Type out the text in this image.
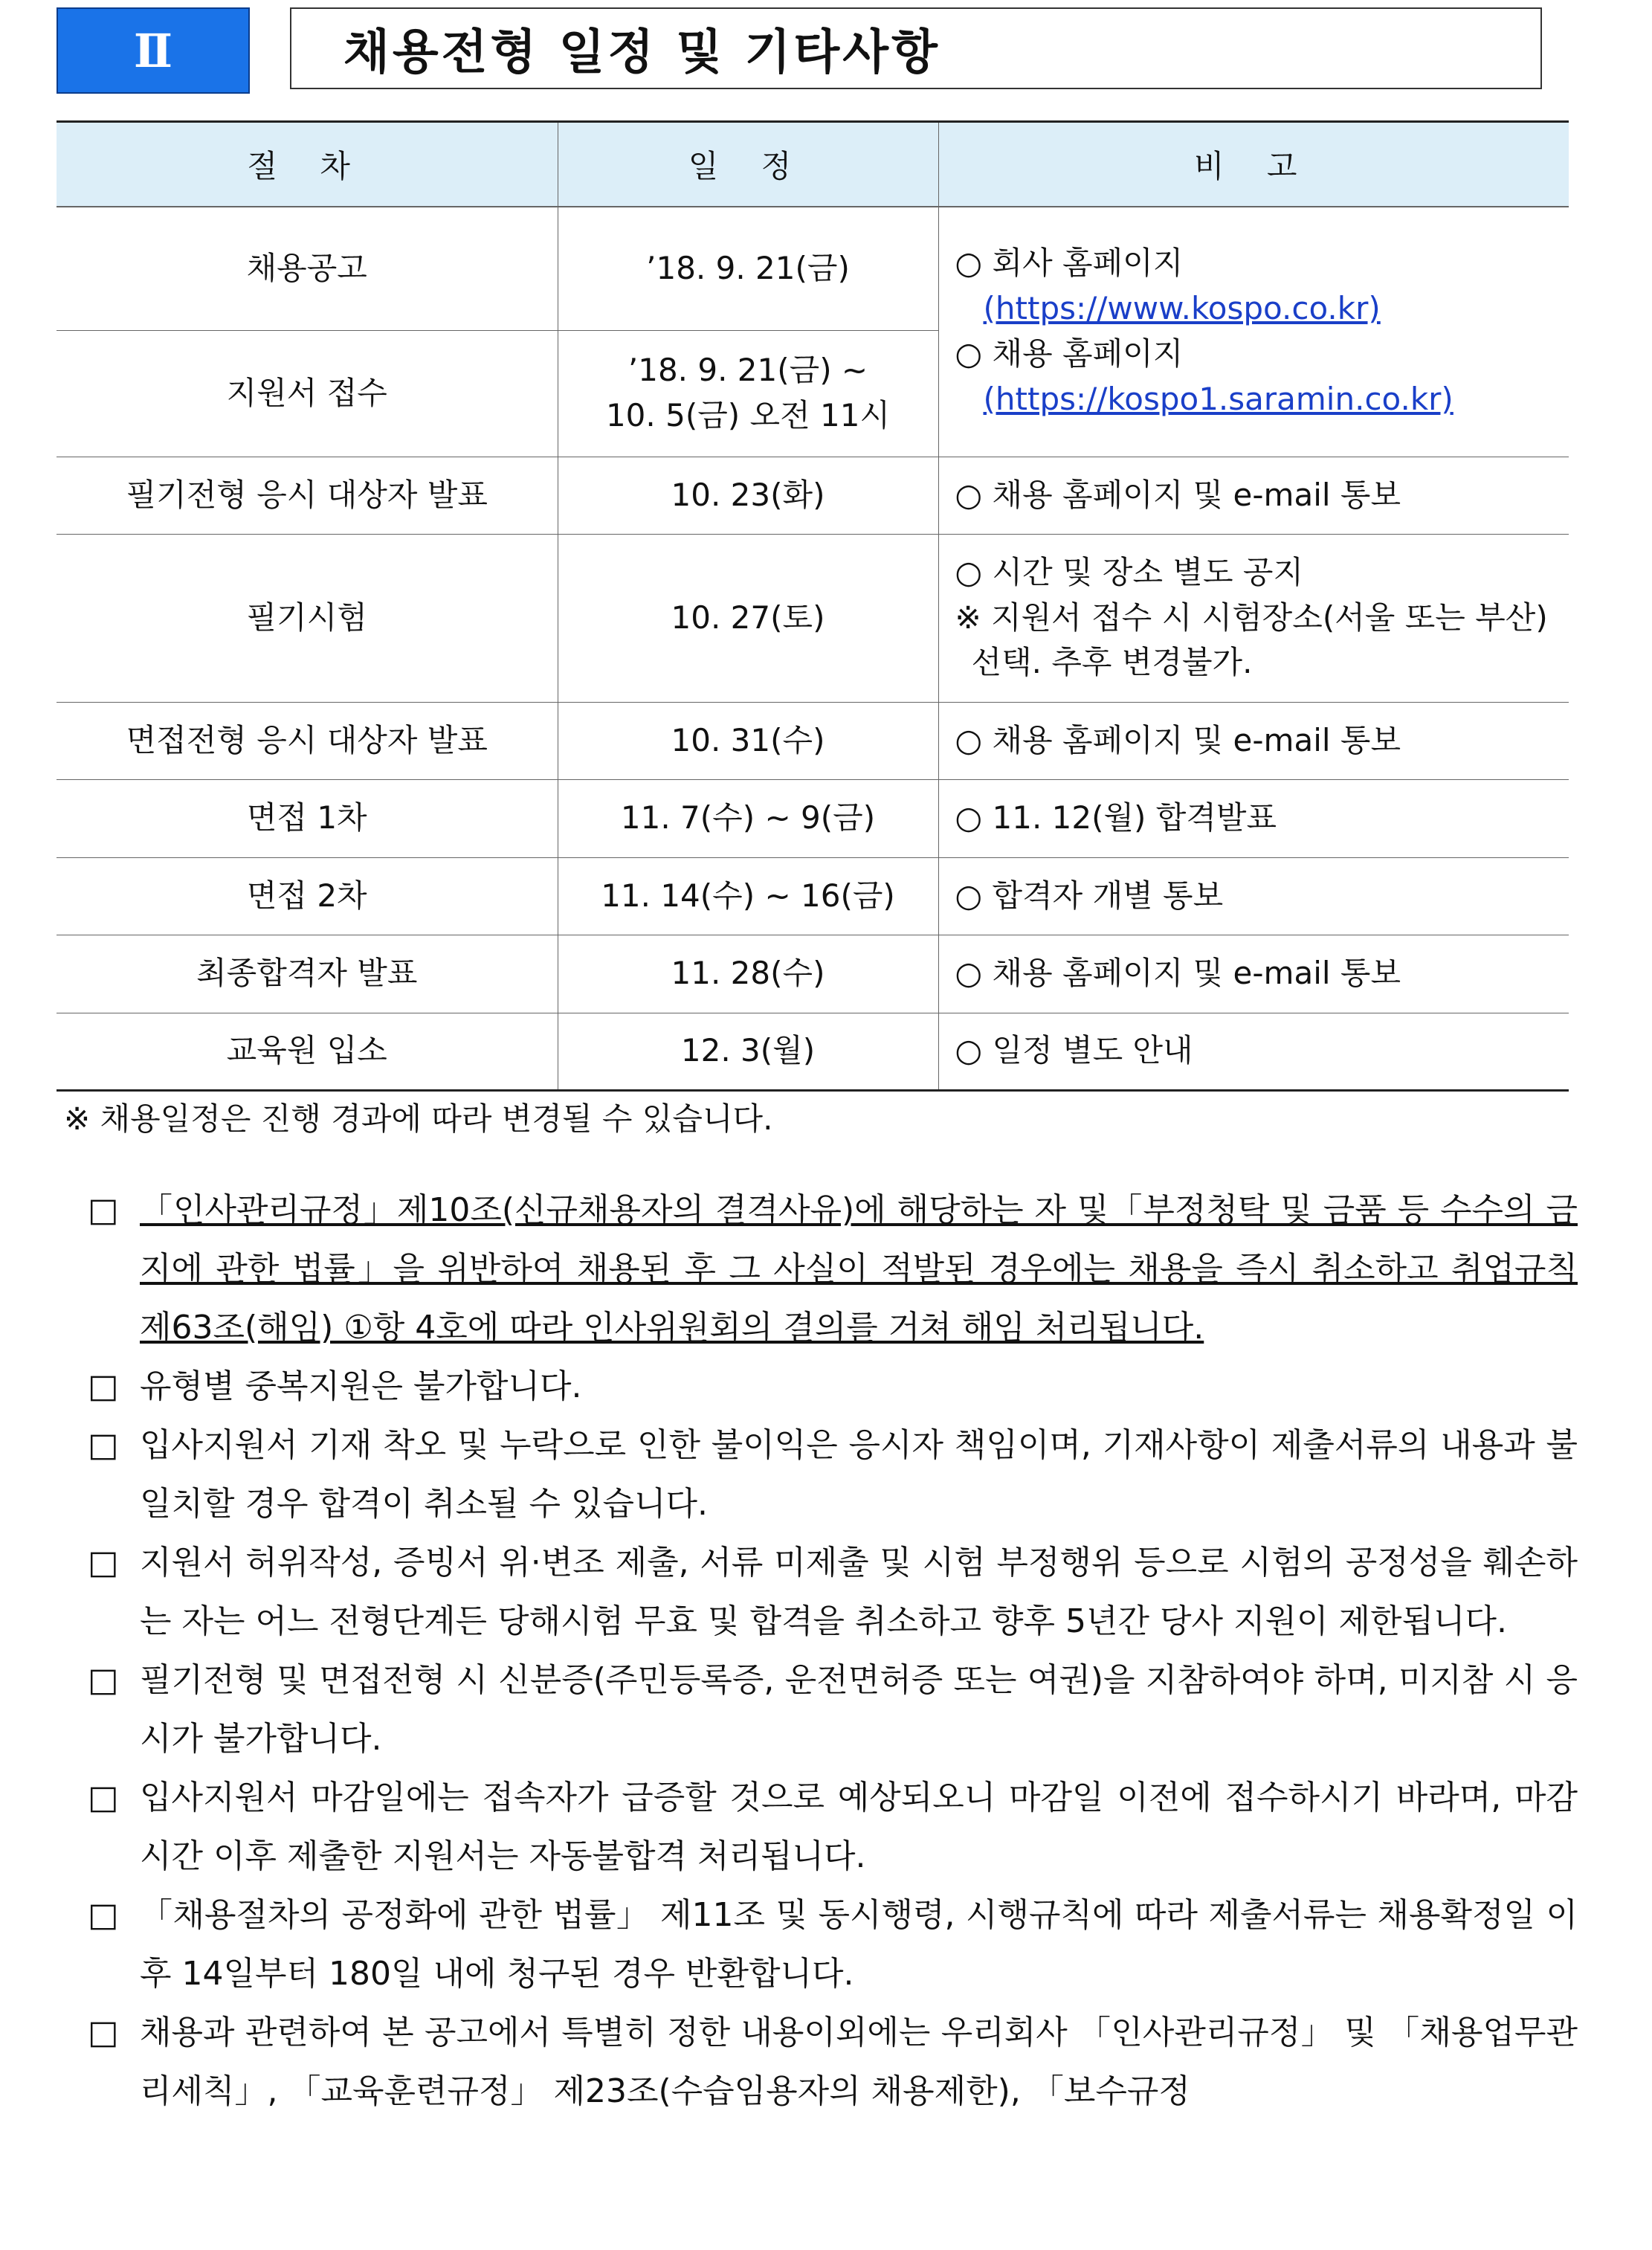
Ⅱ	채용전형 일정 및 기타사항
절 차	일 정	비 고
채용공고	’18. 9. 21(금)	○ 회사 홈페이지
(https://www.kospo.co.kr)
○ 채용 홈페이지
(https://kospo1.saramin.co.kr)

지원서 접수	’18. 9. 21(금) ~
10. 5(금) 오전 11시	

필기전형 응시 대상자 발표	10. 23(화)	○ 채용 홈페이지 및 e-mail 통보
필기시험	10. 27(토)	○ 시간 및 장소 별도 공지
※ 지원서 접수 시 시험장소(서울 또는 부산)
선택. 추후 변경불가.

면접전형 응시 대상자 발표	10. 31(수)	○ 채용 홈페이지 및 e-mail 통보
면접 1차	11. 7(수) ~ 9(금)	○ 11. 12(월) 합격발표
면접 2차	11. 14(수) ~ 16(금)	○ 합격자 개별 통보
최종합격자 발표	11. 28(수)	○ 채용 홈페이지 및 e-mail 통보
교육원 입소	12. 3(월)	○ 일정 별도 안내
※ 채용일정은 진행 경과에 따라 변경될 수 있습니다.
□ 「인사관리규정」제10조(신규채용자의 결격사유)에 해당하는 자 및「부정청탁 및 금품 등 수수의 금지에 관한 법률」을 위반하여 채용된 후 그 사실이 적발된 경우에는 채용을 즉시 취소하고 취업규칙 제63조(해임) ①항 4호에 따라 인사위원회의 결의를 거쳐 해임 처리됩니다.
□ 유형별 중복지원은 불가합니다.
□ 입사지원서 기재 착오 및 누락으로 인한 불이익은 응시자 책임이며, 기재사항이 제출서류의 내용과 불일치할 경우 합격이 취소될 수 있습니다.
□ 지원서 허위작성, 증빙서 위·변조 제출, 서류 미제출 및 시험 부정행위 등으로 시험의 공정성을 훼손하는 자는 어느 전형단계든 당해시험 무효 및 합격을 취소하고 향후 5년간 당사 지원이 제한됩니다.
□ 필기전형 및 면접전형 시 신분증(주민등록증, 운전면허증 또는 여권)을 지참하여야 하며, 미지참 시 응시가 불가합니다.
□ 입사지원서 마감일에는 접속자가 급증할 것으로 예상되오니 마감일 이전에 접수하시기 바라며, 마감시간 이후 제출한 지원서는 자동불합격 처리됩니다.
□ 「채용절차의 공정화에 관한 법률」 제11조 및 동시행령, 시행규칙에 따라 제출서류는 채용확정일 이후 14일부터 180일 내에 청구된 경우 반환합니다.
□ 채용과 관련하여 본 공고에서 특별히 정한 내용이외에는 우리회사 「인사관리규정」 및 「채용업무관리세칙」, 「교육훈련규정」 제23조(수습임용자의 채용제한), 「보수규정
